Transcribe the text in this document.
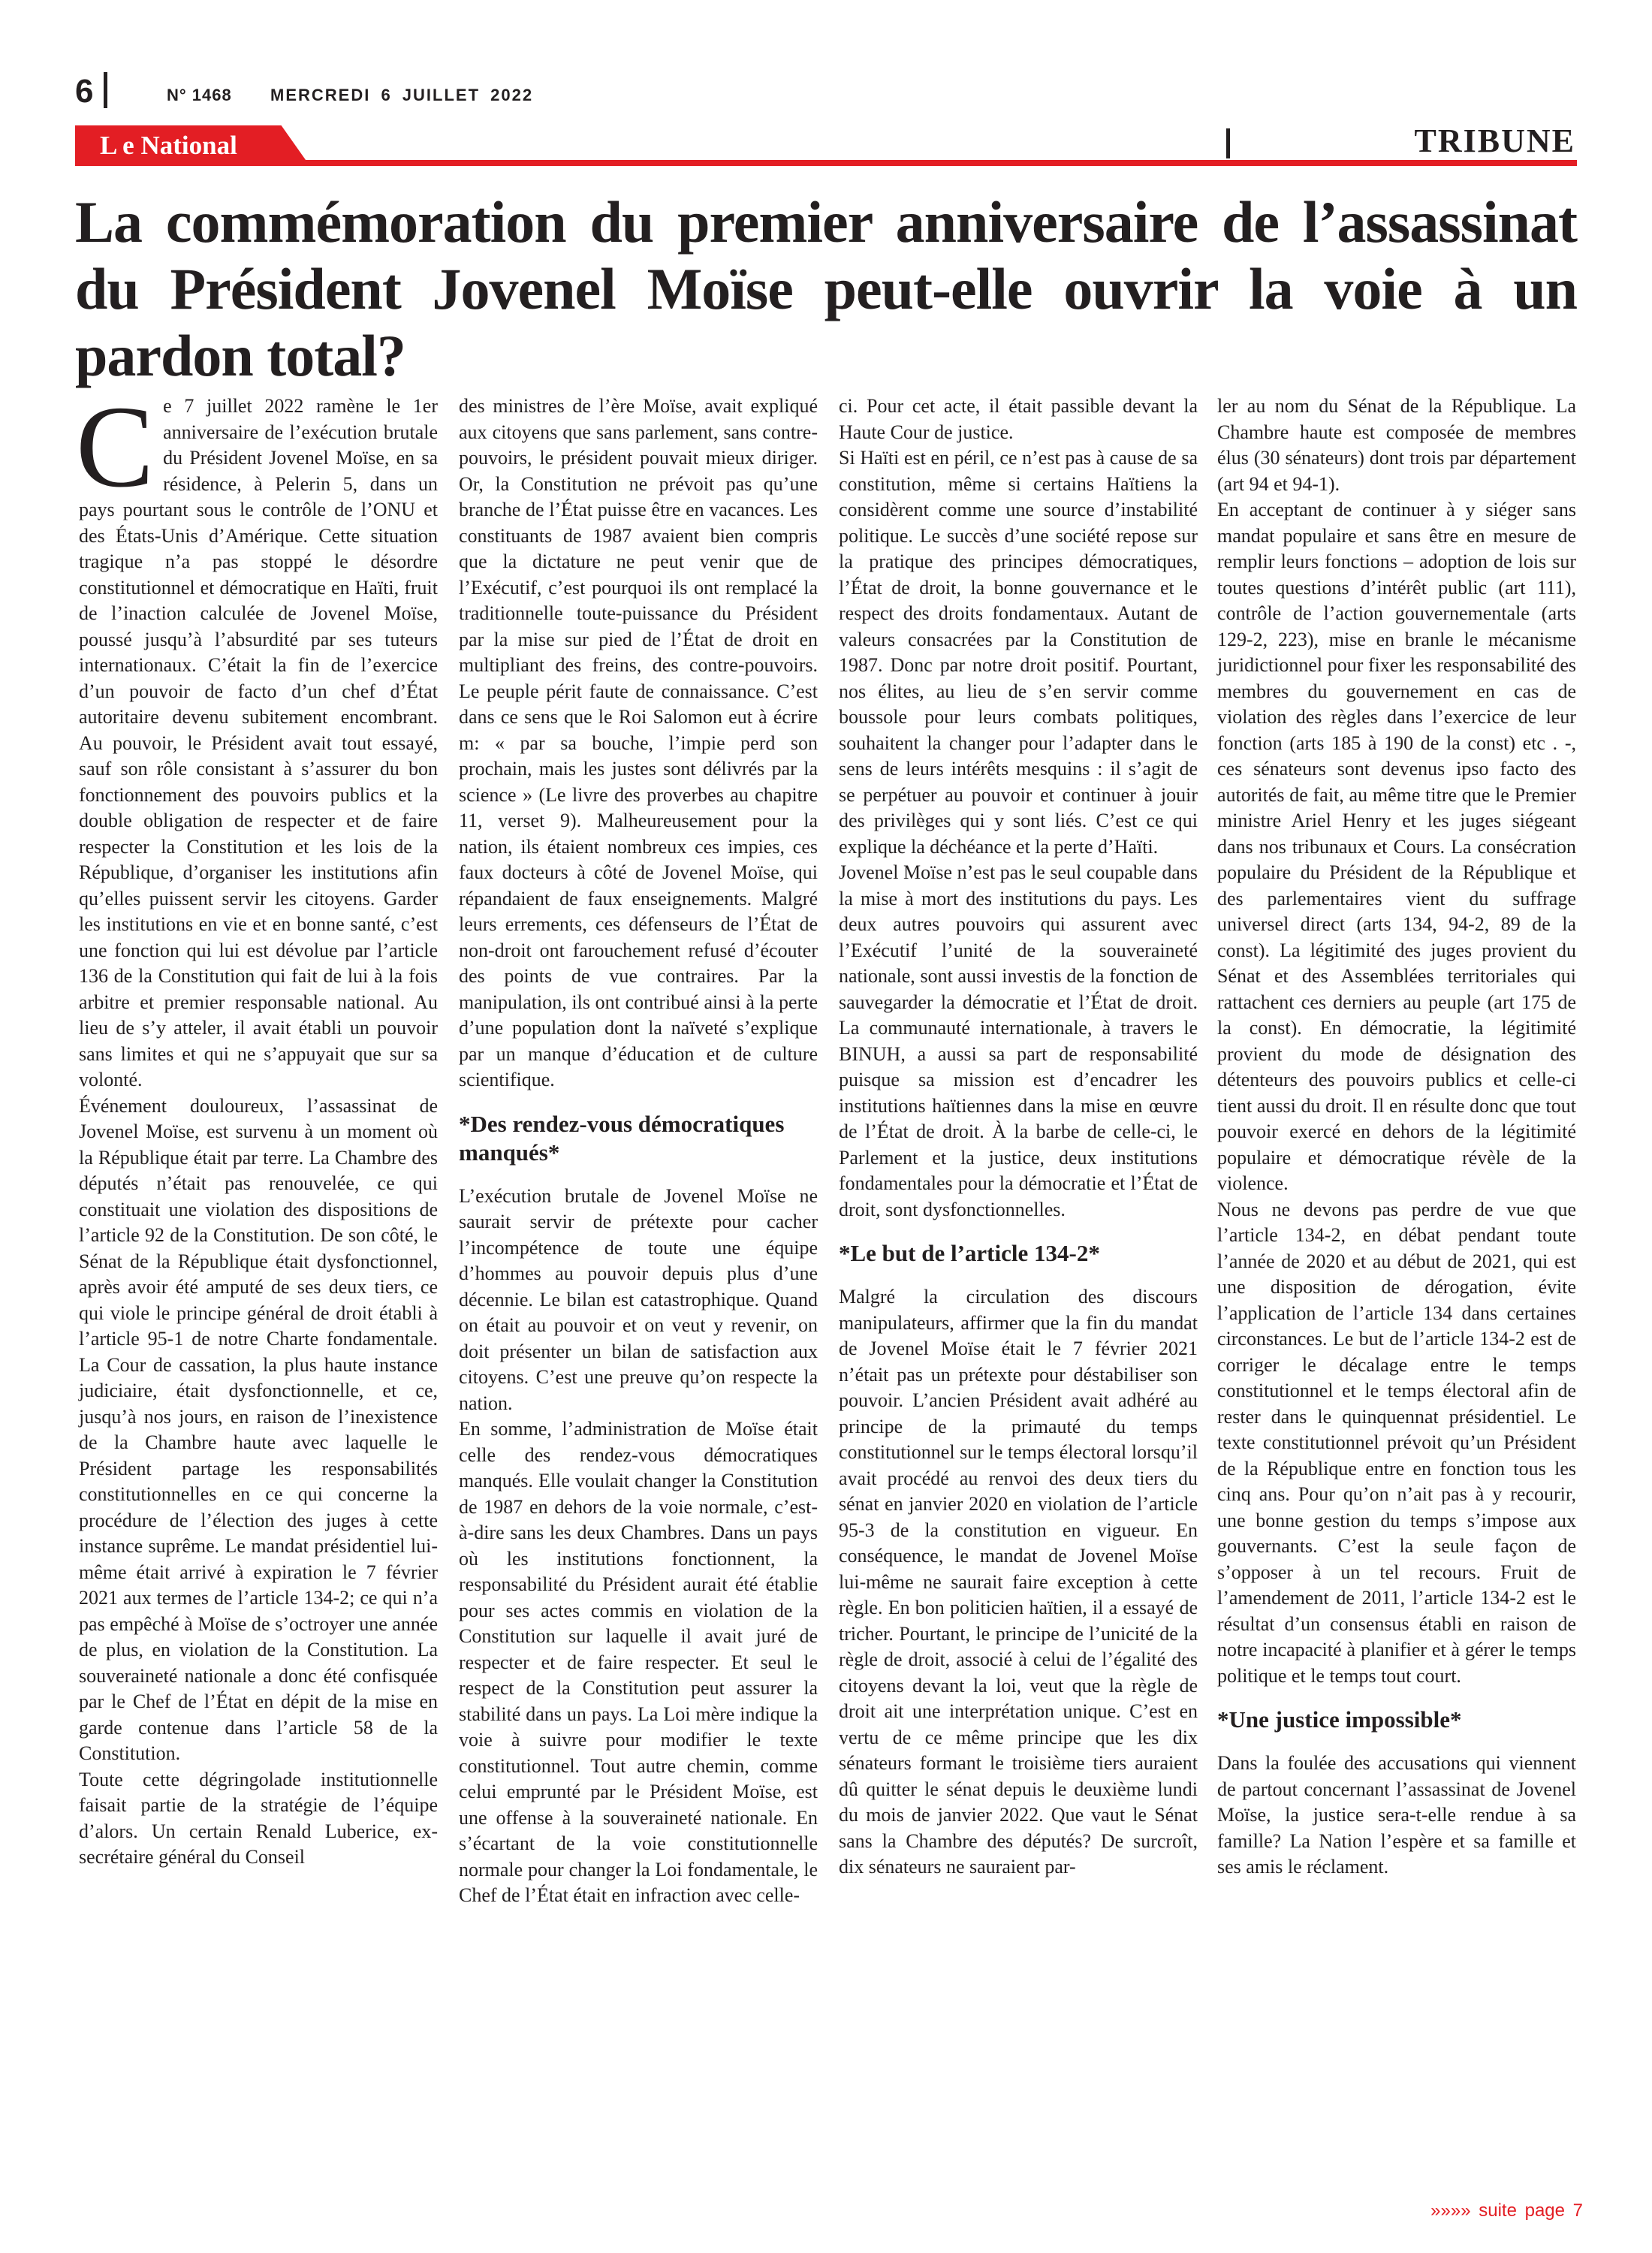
6	N° 1468 MERCREDI 6 JUILLET 2022
L e National	TRIBUNE
La commémoration du premier anniversaire de l’assassinat du Président Jovenel Moïse peut-elle ouvrir la voie à un pardon total?

Ce 7 juillet 2022 ramène le 1er anniversaire de l’exécution brutale du Président Jovenel Moïse, en sa résidence, à Pelerin 5, dans un pays pourtant sous le contrôle de l’ONU et des États-Unis d’Amérique. Cette situation tragique n’a pas stoppé le désordre constitutionnel et démocratique en Haïti, fruit de l’inaction calculée de Jovenel Moïse, poussé jusqu’à l’absurdité par ses tuteurs internationaux. C’était la fin de l’exercice d’un pouvoir de facto d’un chef d’État autoritaire devenu subitement encombrant. Au pouvoir, le Président avait tout essayé, sauf son rôle consistant à s’assurer du bon fonctionnement des pouvoirs publics et la double obligation de respecter et de faire respecter la Constitution et les lois de la République, d’organiser les institutions afin qu’elles puissent servir les citoyens. Garder les institutions en vie et en bonne santé, c’est une fonction qui lui est dévolue par l’article 136 de la Constitution qui fait de lui à la fois arbitre et premier responsable national. Au lieu de s’y atteler, il avait établi un pouvoir sans limites et qui ne s’appuyait que sur sa volonté.

Événement douloureux, l’assassinat de Jovenel Moïse, est survenu à un moment où la République était par terre. La Chambre des députés n’était pas renouvelée, ce qui constituait une violation des dispositions de l’article 92 de la Constitution. De son côté, le Sénat de la République était dysfonctionnel, après avoir été amputé de ses deux tiers, ce qui viole le principe général de droit établi à l’article 95-1 de notre Charte fondamentale. La Cour de cassation, la plus haute instance judiciaire, était dysfonctionnelle, et ce, jusqu’à nos jours, en raison de l’inexistence de la Chambre haute avec laquelle le Président partage les responsabilités constitutionnelles en ce qui concerne la procédure de l’élection des juges à cette instance suprême. Le mandat présidentiel lui-même était arrivé à expiration le 7 février 2021 aux termes de l’article 134-2; ce qui n’a pas empêché à Moïse de s’octroyer une année de plus, en violation de la Constitution. La souveraineté nationale a donc été confisquée par le Chef de l’État en dépit de la mise en garde contenue dans l’article 58 de la Constitution.

Toute cette dégringolade institutionnelle faisait partie de la stratégie de l’équipe d’alors. Un certain Renald Luberice, ex-secrétaire général du Conseil

des ministres de l’ère Moïse, avait expliqué aux citoyens que sans parlement, sans contre-pouvoirs, le président pouvait mieux diriger. Or, la Constitution ne prévoit pas qu’une branche de l’État puisse être en vacances. Les constituants de 1987 avaient bien compris que la dictature ne peut venir que de l’Exécutif, c’est pourquoi ils ont remplacé la traditionnelle toute-puissance du Président par la mise sur pied de l’État de droit en multipliant des freins, des contre-pouvoirs. Le peuple périt faute de connaissance. C’est dans ce sens que le Roi Salomon eut à écrire m: « par sa bouche, l’impie perd son prochain, mais les justes sont délivrés par la science » (Le livre des proverbes au chapitre 11, verset 9). Malheureusement pour la nation, ils étaient nombreux ces impies, ces faux docteurs à côté de Jovenel Moïse, qui répandaient de faux enseignements. Malgré leurs errements, ces défenseurs de l’État de non-droit ont farouchement refusé d’écouter des points de vue contraires. Par la manipulation, ils ont contribué ainsi à la perte d’une population dont la naïveté s’explique par un manque d’éducation et de culture scientifique.

*Des rendez-vous démocratiques manqués*

L’exécution brutale de Jovenel Moïse ne saurait servir de prétexte pour cacher l’incompétence de toute une équipe d’hommes au pouvoir depuis plus d’une décennie. Le bilan est catastrophique. Quand on était au pouvoir et on veut y revenir, on doit présenter un bilan de satisfaction aux citoyens. C’est une preuve qu’on respecte la nation.

En somme, l’administration de Moïse était celle des rendez-vous démocratiques manqués. Elle voulait changer la Constitution de 1987 en dehors de la voie normale, c’est-à-dire sans les deux Chambres. Dans un pays où les institutions fonctionnent, la responsabilité du Président aurait été établie pour ses actes commis en violation de la Constitution sur laquelle il avait juré de respecter et de faire respecter. Et seul le respect de la Constitution peut assurer la stabilité dans un pays. La Loi mère indique la voie à suivre pour modifier le texte constitutionnel. Tout autre chemin, comme celui emprunté par le Président Moïse, est une offense à la souveraineté nationale. En s’écartant de la voie constitutionnelle normale pour changer la Loi fondamentale, le Chef de l’État était en infraction avec celle-

ci. Pour cet acte, il était passible devant la Haute Cour de justice.

Si Haïti est en péril, ce n’est pas à cause de sa constitution, même si certains Haïtiens la considèrent comme une source d’instabilité politique. Le succès d’une société repose sur la pratique des principes démocratiques, l’État de droit, la bonne gouvernance et le respect des droits fondamentaux. Autant de valeurs consacrées par la Constitution de 1987. Donc par notre droit positif. Pourtant, nos élites, au lieu de s’en servir comme boussole pour leurs combats politiques, souhaitent la changer pour l’adapter dans le sens de leurs intérêts mesquins : il s’agit de se perpétuer au pouvoir et continuer à jouir des privilèges qui y sont liés. C’est ce qui explique la déchéance et la perte d’Haïti.

Jovenel Moïse n’est pas le seul coupable dans la mise à mort des institutions du pays. Les deux autres pouvoirs qui assurent avec l’Exécutif l’unité de la souveraineté nationale, sont aussi investis de la fonction de sauvegarder la démocratie et l’État de droit. La communauté internationale, à travers le BINUH, a aussi sa part de responsabilité puisque sa mission est d’encadrer les institutions haïtiennes dans la mise en œuvre de l’État de droit. À la barbe de celle-ci, le Parlement et la justice, deux institutions fondamentales pour la démocratie et l’État de droit, sont dysfonctionnelles.

*Le but de l’article 134-2*

Malgré la circulation des discours manipulateurs, affirmer que la fin du mandat de Jovenel Moïse était le 7 février 2021 n’était pas un prétexte pour déstabiliser son pouvoir. L’ancien Président avait adhéré au principe de la primauté du temps constitutionnel sur le temps électoral lorsqu’il avait procédé au renvoi des deux tiers du sénat en janvier 2020 en violation de l’article 95-3 de la constitution en vigueur. En conséquence, le mandat de Jovenel Moïse lui-même ne saurait faire exception à cette règle. En bon politicien haïtien, il a essayé de tricher. Pourtant, le principe de l’unicité de la règle de droit, associé à celui de l’égalité des citoyens devant la loi, veut que la règle de droit ait une interprétation unique. C’est en vertu de ce même principe que les dix sénateurs formant le troisième tiers auraient dû quitter le sénat depuis le deuxième lundi du mois de janvier 2022. Que vaut le Sénat sans la Chambre des députés? De surcroît, dix sénateurs ne sauraient par-

ler au nom du Sénat de la République. La Chambre haute est composée de membres élus (30 sénateurs) dont trois par département (art 94 et 94-1).

En acceptant de continuer à y siéger sans mandat populaire et sans être en mesure de remplir leurs fonctions – adoption de lois sur toutes questions d’intérêt public (art 111), contrôle de l’action gouvernementale (arts 129-2, 223), mise en branle le mécanisme juridictionnel pour fixer les responsabilité des membres du gouvernement en cas de violation des règles dans l’exercice de leur fonction (arts 185 à 190 de la const) etc . -, ces sénateurs sont devenus ipso facto des autorités de fait, au même titre que le Premier ministre Ariel Henry et les juges siégeant dans nos tribunaux et Cours. La consécration populaire du Président de la République et des parlementaires vient du suffrage universel direct (arts 134, 94-2, 89 de la const). La légitimité des juges provient du Sénat et des Assemblées territoriales qui rattachent ces derniers au peuple (art 175 de la const). En démocratie, la légitimité provient du mode de désignation des détenteurs des pouvoirs publics et celle-ci tient aussi du droit. Il en résulte donc que tout pouvoir exercé en dehors de la légitimité populaire et démocratique révèle de la violence.

Nous ne devons pas perdre de vue que l’article 134-2, en débat pendant toute l’année de 2020 et au début de 2021, qui est une disposition de dérogation, évite l’application de l’article 134 dans certaines circonstances. Le but de l’article 134-2 est de corriger le décalage entre le temps constitutionnel et le temps électoral afin de rester dans le quinquennat présidentiel. Le texte constitutionnel prévoit qu’un Président de la République entre en fonction tous les cinq ans. Pour qu’on n’ait pas à y recourir, une bonne gestion du temps s’impose aux gouvernants. C’est la seule façon de s’opposer à un tel recours. Fruit de l’amendement de 2011, l’article 134-2 est le résultat d’un consensus établi en raison de notre incapacité à planifier et à gérer le temps politique et le temps tout court.

*Une justice impossible*

Dans la foulée des accusations qui viennent de partout concernant l’assassinat de Jovenel Moïse, la justice sera-t-elle rendue à sa famille? La Nation l’espère et sa famille et ses amis le réclament.

»»»» suite page 7
